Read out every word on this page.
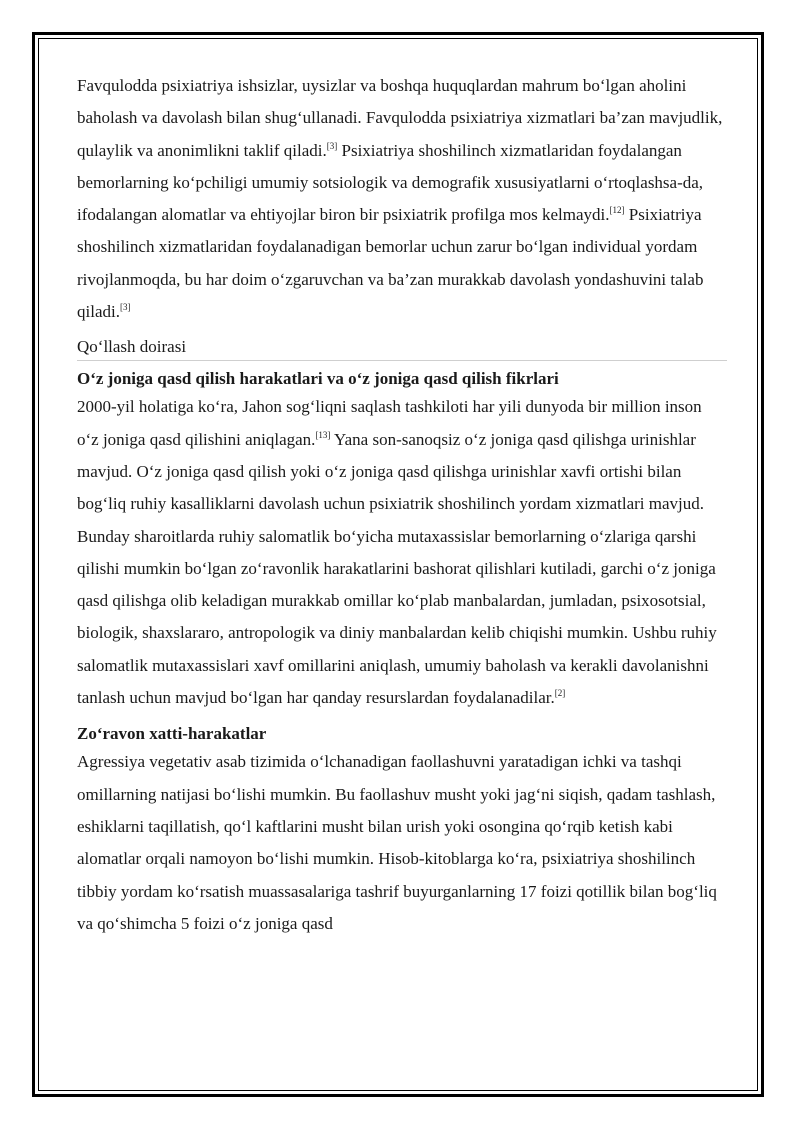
Favqulodda psixiatriya ishsizlar, uysizlar va boshqa huquqlardan mahrum bo‘lgan aholini baholash va davolash bilan shug‘ullanadi. Favqulodda psixiatriya xizmatlari ba’zan mavjudlik, qulaylik va anonimlikni taklif qiladi.[3] Psixiatriya shoshilinch xizmatlaridan foydalangan bemorlarning ko‘pchiligi umumiy sotsiologik va demografik xususiyatlarni o‘rtoqlashsa-da, ifodalangan alomatlar va ehtiyojlar biron bir psixiatrik profilga mos kelmaydi.[12] Psixiatriya shoshilinch xizmatlaridan foydalanadigan bemorlar uchun zarur bo‘lgan individual yordam rivojlanmoqda, bu har doim o‘zgaruvchan va ba’zan murakkab davolash yondashuvini talab qiladi.[3]

Qo‘llash doirasi
O‘z joniga qasd qilish harakatlari va o‘z joniga qasd qilish fikrlari

2000-yil holatiga ko‘ra, Jahon sog‘liqni saqlash tashkiloti har yili dunyoda bir million inson o‘z joniga qasd qilishini aniqlagan.[13] Yana son-sanoqsiz o‘z joniga qasd qilishga urinishlar mavjud. O‘z joniga qasd qilish yoki o‘z joniga qasd qilishga urinishlar xavfi ortishi bilan bog‘liq ruhiy kasalliklarni davolash uchun psixiatrik shoshilinch yordam xizmatlari mavjud. Bunday sharoitlarda ruhiy salomatlik bo‘yicha mutaxassislar bemorlarning o‘zlariga qarshi qilishi mumkin bo‘lgan zo‘ravonlik harakatlarini bashorat qilishlari kutiladi, garchi o‘z joniga qasd qilishga olib keladigan murakkab omillar ko‘plab manbalardan, jumladan, psixosotsial, biologik, shaxslararo, antropologik va diniy manbalardan kelib chiqishi mumkin. Ushbu ruhiy salomatlik mutaxassislari xavf omillarini aniqlash, umumiy baholash va kerakli davolanishni tanlash uchun mavjud bo‘lgan har qanday resurslardan foydalanadilar.[2]

Zo‘ravon xatti-harakatlar

Agressiya vegetativ asab tizimida o‘lchanadigan faollashuvni yaratadigan ichki va tashqi omillarning natijasi bo‘lishi mumkin. Bu faollashuv musht yoki jag‘ni siqish, qadam tashlash, eshiklarni taqillatish, qo‘l kaftlarini musht bilan urish yoki osongina qo‘rqib ketish kabi alomatlar orqali namoyon bo‘lishi mumkin. Hisob-kitoblarga ko‘ra, psixiatriya shoshilinch tibbiy yordam ko‘rsatish muassasalariga tashrif buyurganlarning 17 foizi qotillik bilan bog‘liq va qo‘shimcha 5 foizi o‘z joniga qasd
